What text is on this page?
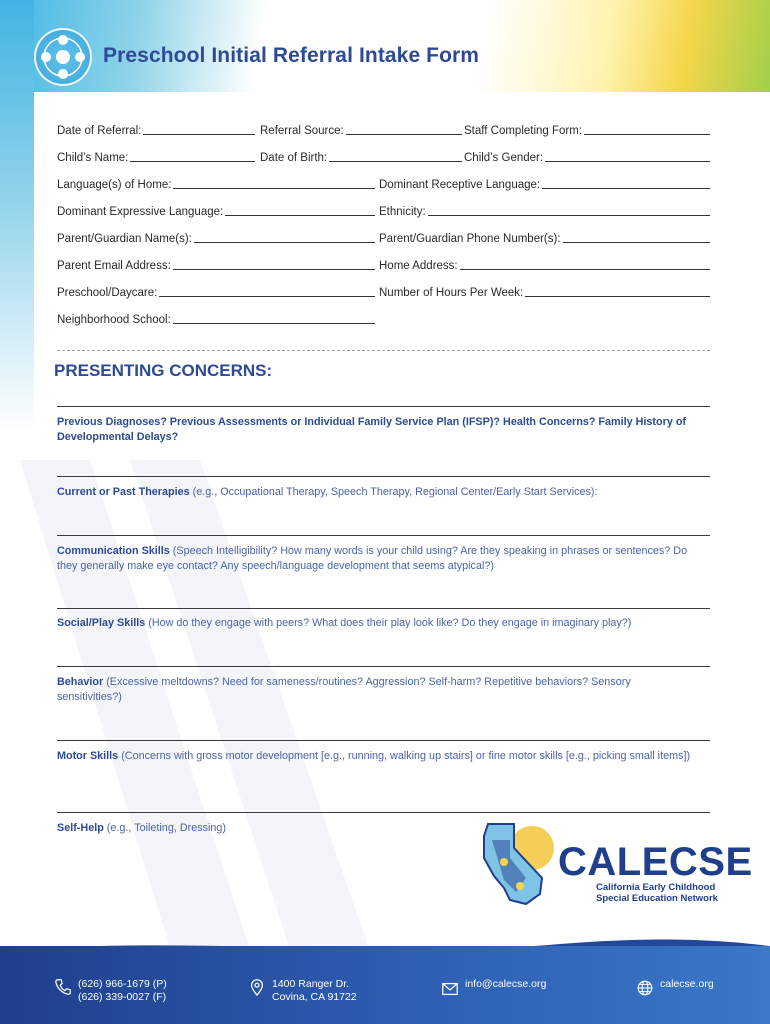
Preschool Initial Referral Intake Form
Date of Referral:	Referral Source:	Staff Completing Form:
Child’s Name:	Date of Birth:	Child’s Gender:
Language(s) of Home:	Dominant Receptive Language:
Dominant Expressive Language:	Ethnicity:
Parent/Guardian Name(s):	Parent/Guardian Phone Number(s):
Parent Email Address:	Home Address:
Preschool/Daycare:	Number of Hours Per Week:
Neighborhood School:
PRESENTING CONCERNS:
Previous Diagnoses? Previous Assessments or Individual Family Service Plan (IFSP)? Health Concerns? Family History of Developmental Delays?
Current or Past Therapies (e.g., Occupational Therapy, Speech Therapy, Regional Center/Early Start Services):
Communication Skills (Speech Intelligibility? How many words is your child using? Are they speaking in phrases or sentences? Do they generally make eye contact? Any speech/language development that seems atypical?)
Social/Play Skills (How do they engage with peers? What does their play look like? Do they engage in imaginary play?)
Behavior (Excessive meltdowns? Need for sameness/routines? Aggression? Self-harm? Repetitive behaviors? Sensory sensitivities?)
Motor Skills (Concerns with gross motor development [e.g., running, walking up stairs] or fine motor skills [e.g., picking small items])
Self-Help (e.g., Toileting, Dressing)
CALECSE
California Early Childhood
Special Education Network
(626) 966-1679 (P)
(626) 339-0027 (F)
1400 Ranger Dr.
Covina, CA 91722
info@calecse.org	calecse.org
